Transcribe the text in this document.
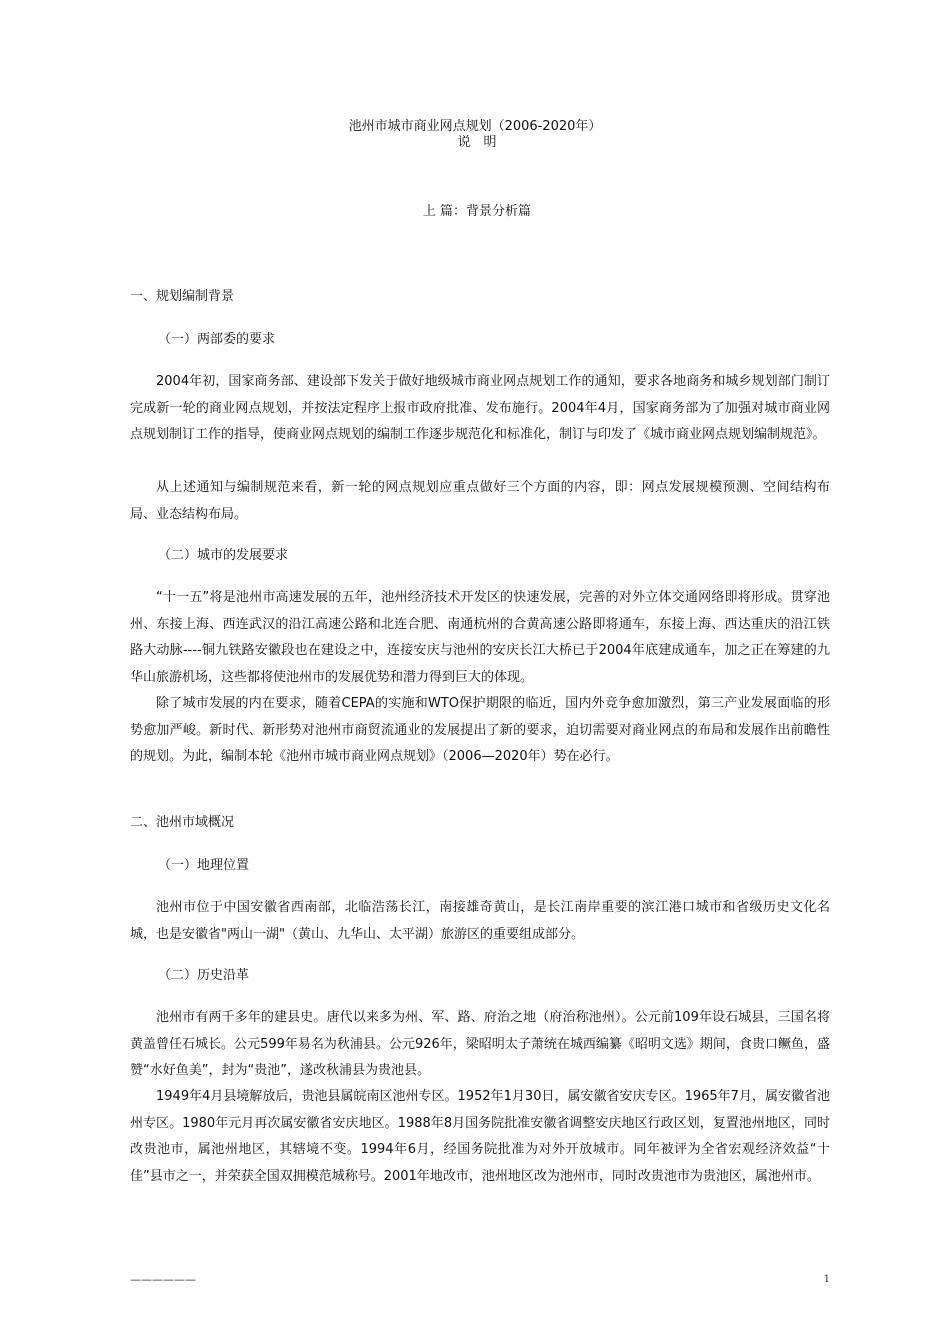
池州市城市商业网点规划（2006-2020年）
说　明
上 篇：背景分析篇
一、规划编制背景
（一）两部委的要求
2004年初，国家商务部、建设部下发关于做好地级城市商业网点规划工作的通知，要求各地商务和城乡规划部门制订完成新一轮的商业网点规划，并按法定程序上报市政府批准、发布施行。2004年4月，国家商务部为了加强对城市商业网点规划制订工作的指导，使商业网点规划的编制工作逐步规范化和标准化，制订与印发了《城市商业网点规划编制规范》。
从上述通知与编制规范来看，新一轮的网点规划应重点做好三个方面的内容，即：网点发展规模预测、空间结构布局、业态结构布局。
（二）城市的发展要求
“十一五”将是池州市高速发展的五年，池州经济技术开发区的快速发展，完善的对外立体交通网络即将形成。贯穿池州、东接上海、西连武汉的沿江高速公路和北连合肥、南通杭州的合黄高速公路即将通车，东接上海、西达重庆的沿江铁路大动脉----铜九铁路安徽段也在建设之中，连接安庆与池州的安庆长江大桥已于2004年底建成通车，加之正在筹建的九华山旅游机场，这些都将使池州市的发展优势和潜力得到巨大的体现。
除了城市发展的内在要求，随着CEPA的实施和WTO保护期限的临近，国内外竞争愈加激烈，第三产业发展面临的形势愈加严峻。新时代、新形势对池州市商贸流通业的发展提出了新的要求，迫切需要对商业网点的布局和发展作出前瞻性的规划。为此，编制本轮《池州市城市商业网点规划》（2006—2020年）势在必行。
二、池州市域概况
（一）地理位置
池州市位于中国安徽省西南部，北临浩荡长江，南接雄奇黄山，是长江南岸重要的滨江港口城市和省级历史文化名城，也是安徽省"两山一湖"（黄山、九华山、太平湖）旅游区的重要组成部分。
（二）历史沿革
池州市有两千多年的建县史。唐代以来多为州、军、路、府治之地（府治称池州）。公元前109年设石城县，三国名将黄盖曾任石城长。公元599年易名为秋浦县。公元926年，梁昭明太子萧统在城西编纂《昭明文选》期间，食贵口鳜鱼，盛赞“水好鱼美”，封为“贵池”，遂改秋浦县为贵池县。
1949年4月县境解放后，贵池县属皖南区池州专区。1952年1月30日，属安徽省安庆专区。1965年7月，属安徽省池州专区。1980年元月再次属安徽省安庆地区。1988年8月国务院批准安徽省调整安庆地区行政区划，复置池州地区，同时改贵池市，属池州地区，其辖境不变。1994年6月，经国务院批准为对外开放城市。同年被评为全省宏观经济效益“十佳”县市之一，并荣获全国双拥模范城称号。2001年地改市，池州地区改为池州市，同时改贵池市为贵池区，属池州市。
——————	1
